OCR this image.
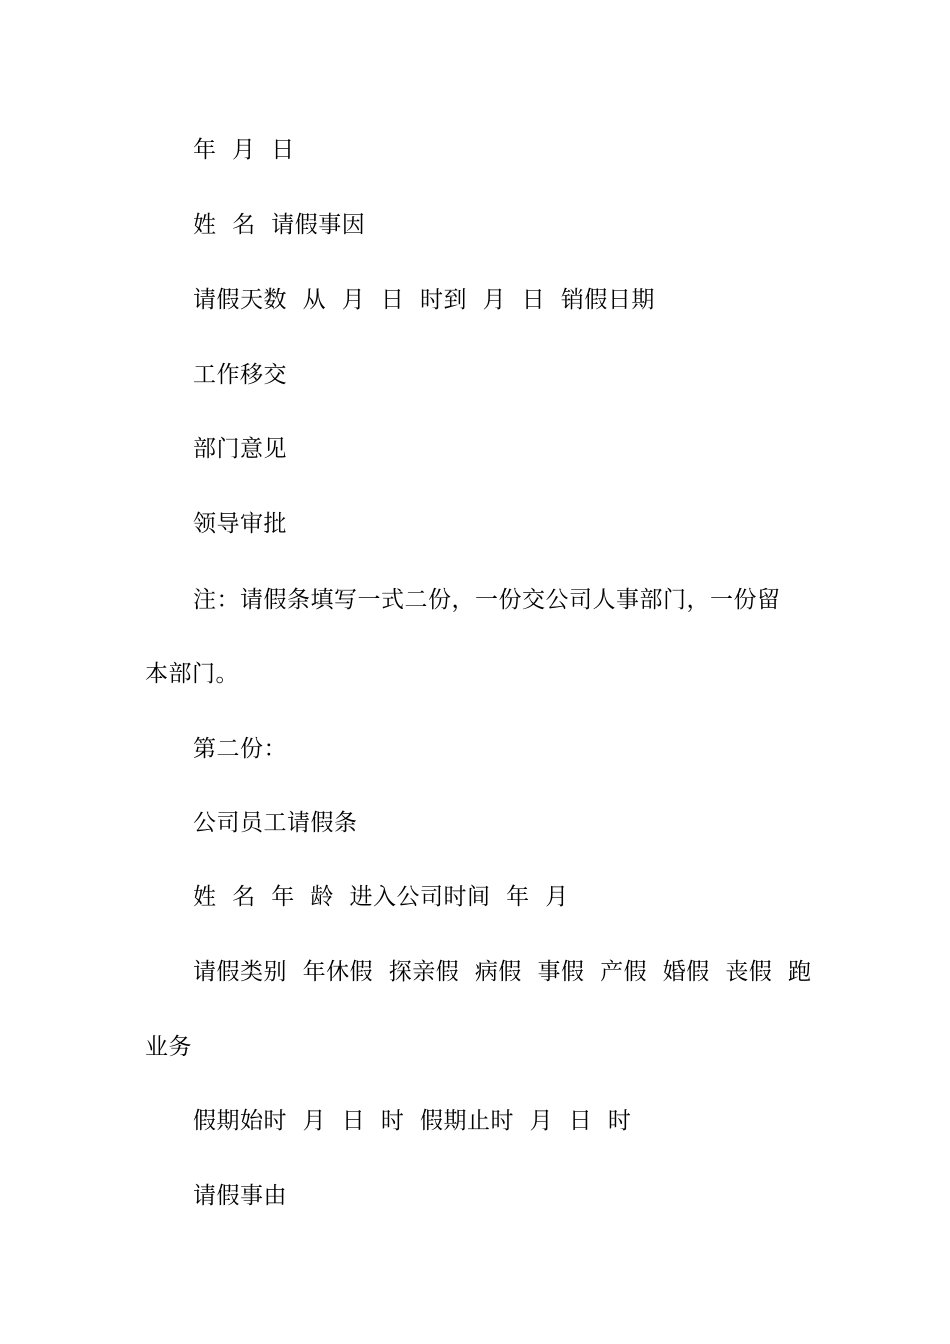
年  月  日
姓  名  请假事因
请假天数  从  月  日  时到  月  日  销假日期
工作移交
部门意见
领导审批
注：请假条填写一式二份，一份交公司人事部门，一份留
本部门。
第二份：
公司员工请假条
姓  名  年  龄  进入公司时间  年  月
请假类别  年休假  探亲假  病假  事假  产假  婚假  丧假  跑
业务
假期始时  月  日  时  假期止时  月  日  时
请假事由
